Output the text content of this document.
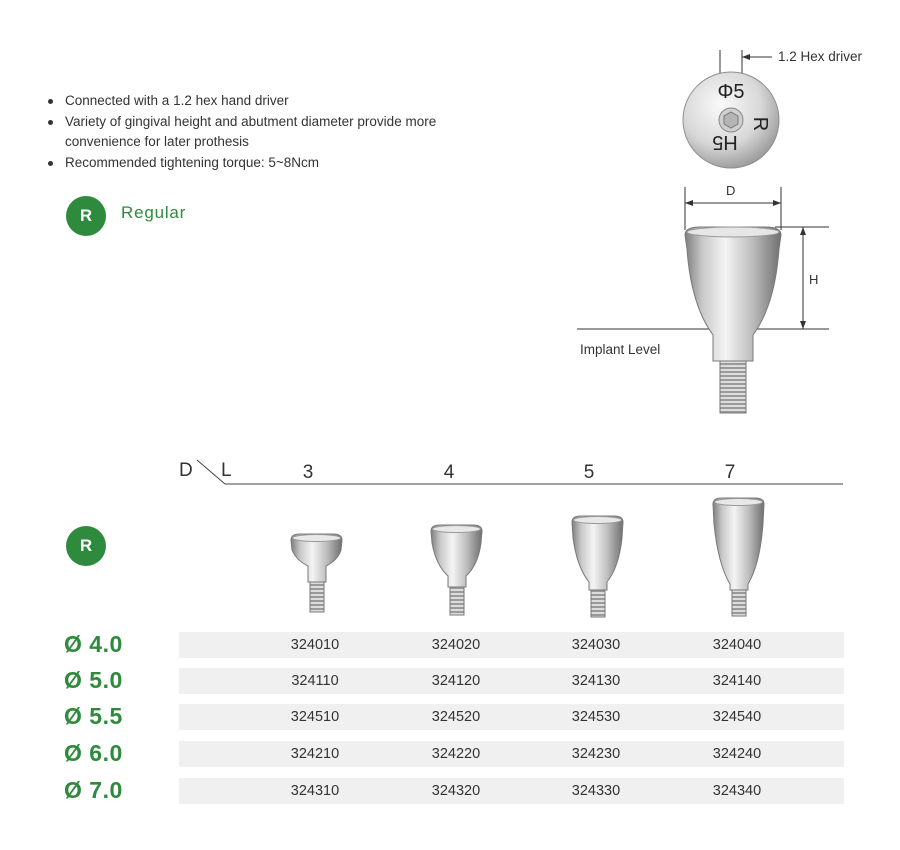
Connected with a 1.2 hex hand driver
Variety of gingival height and abutment diameter provide more convenience for later prothesis
Recommended tightening torque: 5~8Ncm
R	Regular
Φ5
R
H5
1.2 Hex driver
D
H
Implant Level
D L	3	4	5	7
R
Ø 4.0	324010	324020	324030	324040
Ø 5.0	324110	324120	324130	324140
Ø 5.5	324510	324520	324530	324540
Ø 6.0	324210	324220	324230	324240
Ø 7.0	324310	324320	324330	324340
